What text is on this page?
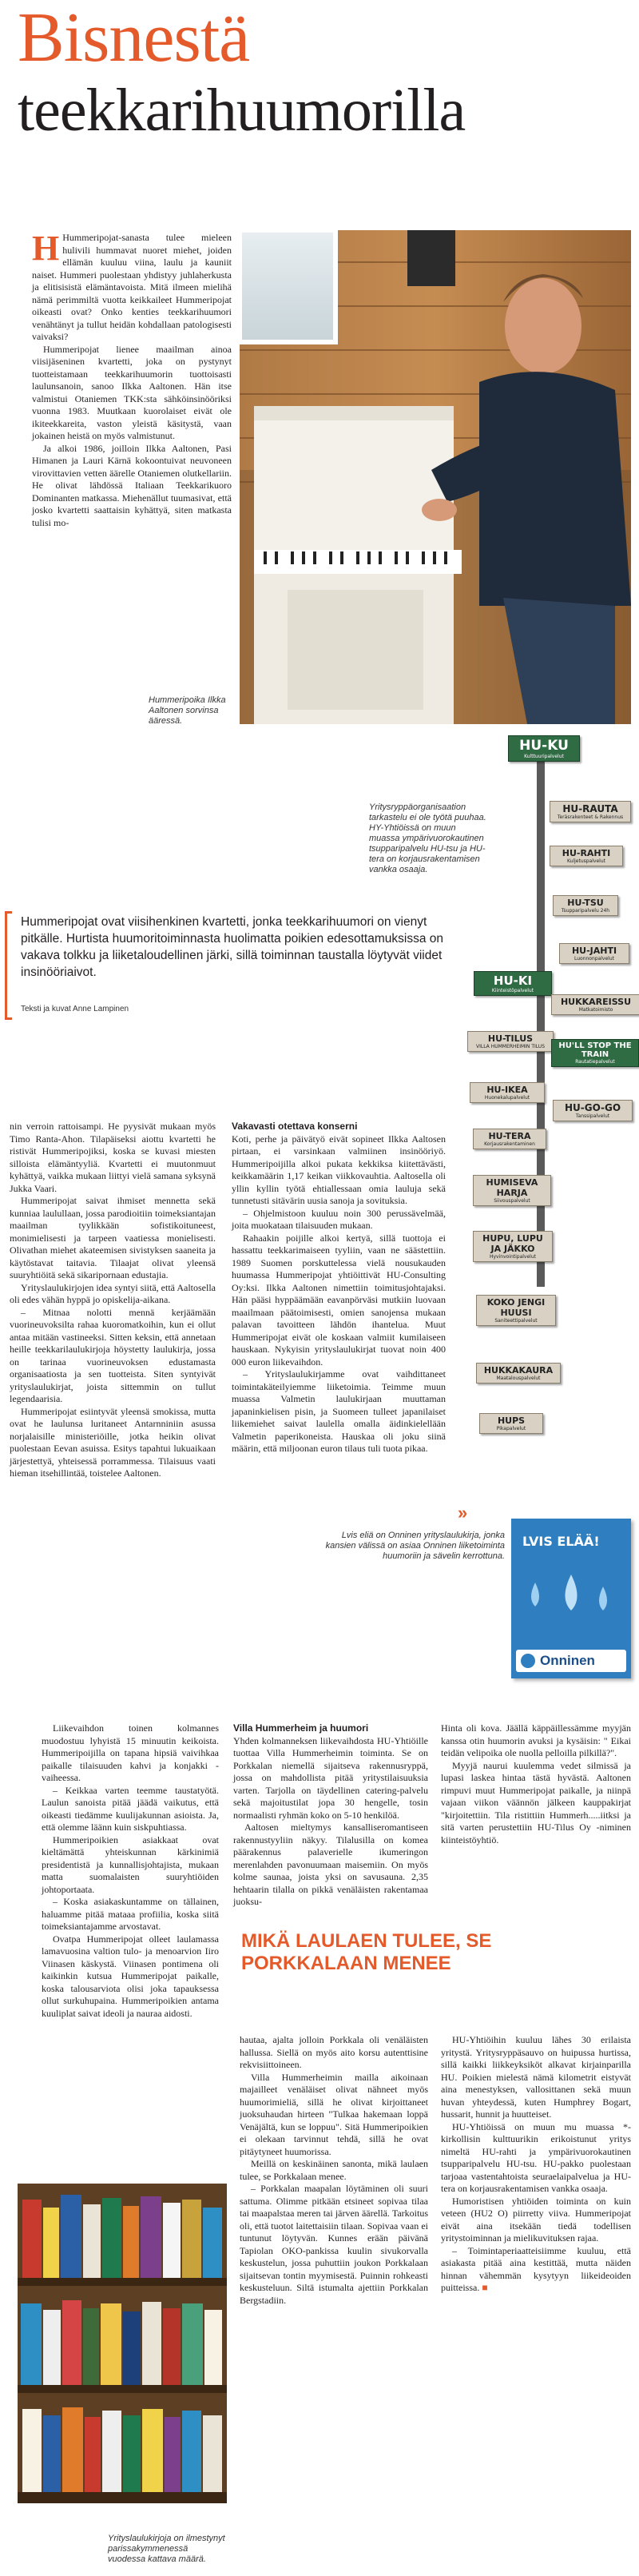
Bisnestä
teekkarihuumorilla

H Hummeripojat-sanasta tulee mieleen hulivili hummavat nuoret miehet, joiden ellämän kuuluu viina, laulu ja kauniit naiset. Hummeri puolestaan yhdistyy juhlaherkusta ja elitisisistä elämäntavoista. Mitä ilmeen mielihä nämä perimmiltä vuotta keikkaileet Hummeripojat oikeasti ovat? Onko kenties teekkarihuumori venähtänyt ja tullut heidän kohdallaan patologisesti vaivaksi?

Hummeripojat lienee maailman ainoa viisijäseninen kvartetti, joka on pystynyt tuotteistamaan teekkarihuumorin tuottoisasti laulunsanoin, sanoo Ilkka Aaltonen. Hän itse valmistui Otaniemen TKK:sta sähköinsinööriksi vuonna 1983. Muutkaan kuorolaiset eivät ole ikiteekkareita, vaston yleistä käsitystä, vaan jokainen heistä on myös valmistunut.

Ja alkoi 1986, joilloin Ilkka Aaltonen, Pasi Himanen ja Lauri Kärnä kokoontuivat neuvoneen virovittavien vetten äärelle Otaniemen olutkellariin. He olivat lähdössä Italiaan Teekkarikuoro Dominanten matkassa. Miehenällut tuumasivat, että josko kvartetti saattaisin kyhättyä, siten matkasta tulisi mo-

Hummeripoika Ilkka Aaltonen sorvinsa ääressä.
Yritysryppäorganisaation tarkastelu ei ole työtä puuhaa. HY-Yhtiöissä on muun muassa ympärivuorokautinen tsupparipalvelu HU-tsu ja HU-tera on korjausrakentamisen vankka osaaja.
HU-KU
Kulttuuripalvelut
HU-RAUTA
Teräsrakenteet & Rakennus
HU-RAHTI
Kuljetuspalvelut
HU-TSU
Tsupparipalvelu 24h
HU-JAHTI
Luonnonpalvelut
HU-KI
Kiinteistöpalvelut
HUKKAREISSU
Matkatoimisto
HU-TILUS
VILLA HUMMERHEIMIN TILUS	HU'LL STOP THE TRAIN
Rautatiepalvelut
HU-IKEA
Huonekalupalvelut
HU-GO-GO
Tanssipalvelut
HU-TERA
Korjausrakentaminen
HUMISEVA HARJA
Siivouspalvelut
HUPU, LUPU JA JÄKKO
Hyvinvointipalvelut
KOKO JENGI HUUSI
Saniteettipalvelut
HUKKAKAURA
Maatalouspalvelut
HUPS
Pikapalvelut
Hummeripojat ovat viisihenkinen kvartetti, jonka teekkarihuumori on vienyt pitkälle. Hurtista huumoritoiminnasta huolimatta poikien edesottamuksissa on vakava tolkku ja liiketaloudellinen järki, sillä toiminnan taustalla löytyvät viidet insinööriaivot.
Teksti ja kuvat Anne Lampinen

nin verroin rattoisampi. He pyysivät mukaan myös Timo Ranta-Ahon. Tilapäiseksi aiottu kvartetti he ristivät Hummeripojiksi, koska se kuvasi miesten silloista elämäntyyliä. Kvartetti ei muutonmuut kyhättyä, vaikka mukaan liittyi vielä samana syksynä Jukka Vaari.

Hummeripojat saivat ihmiset mennetta sekä kunniaa laulullaan, jossa parodioitiin toimeksiantajan maailman tyylikkään sofistikoituneest, monimielisesti ja tarpeen vaatiessa monielisesti. Olivathan miehet akateemisen sivistyksen saaneita ja käytöstavat taitavia. Tilaajat olivat yleensä suuryhtiöitä sekä sikaripornaan edustajia.

Yrityslaulukirjojen idea syntyi siitä, että Aaltosella oli edes vähän hyppä jo opiskelija-aikana.

– Mitnaa nolotti mennä kerjäämään vuorineuvoksilta rahaa kuoromatkoihin, kun ei ollut antaa mitään vastineeksi. Sitten keksin, että annetaan heille teekkarilaulukirjoja höystetty laulukirja, jossa on tarinaa vuorineuvoksen edustamasta organisaatiosta ja sen tuotteista. Siten syntyivät yrityslaulukirjat, joista sittemmin on tullut legendaarisia.

Hummeripojat esiintyvät yleensä smokissa, mutta ovat he laulunsa luritaneet Antarnniniin asussa norjalaisille ministeriöille, jotka heikin olivat puolestaan Eevan asuissa. Esitys tapahtui lukuaikaan järjestettyä, yhteisessä porrammessa. Tilaisuus vaati hieman itsehillintää, toistelee Aaltonen.

Vakavasti otettava konserni

Koti, perhe ja päivätyö eivät sopineet Ilkka Aaltosen pirtaan, ei varsinkaan valmiinen insinööriyö. Hummeripoijilla alkoi pukata kekkiksa kiitettävästi, keikkamäärin 1,17 keikan viikkovauhtia. Aaltosella oli yllin kyllin työtä ehtiallessaan omia lauluja sekä tunnetusti sitävärin uusia sanoja ja sovituksia.

– Ohjelmistoon kuuluu noin 300 perussävelmää, joita muokataan tilaisuuden mukaan.

Rahaakin poijille alkoi kertyä, sillä tuottoja ei hassattu teekkarimaiseen tyyliin, vaan ne säästettiin. 1989 Suomen porskuttelessa vielä nousukauden huumassa Hummeripojat yhtiöittivät HU-Consulting Oy:ksi. Ilkka Aaltonen nimettiin toimitusjohtajaksi. Hän pääsi hyppäämään eavanpörväsi mutkiin luovaan maailmaan päätoimisesti, omien sanojensa mukaan palavan tavoitteen lähdön ihantelua. Muut Hummeripojat eivät ole koskaan valmiit kumilaiseen hauskaan. Nykyisin yrityslaulukirjat tuovat noin 400 000 euron liikevaihdon.

– Yrityslaulukirjamme ovat vaihdittaneet toimintakäteilyiemme liiketoimia. Teimme muun muassa Valmetin laulukirjaan muuttaman japaninkielisen pisin, ja Suomeen tulleet japanilaiset liikemiehet saivat laulella omalla äidinkielellään Valmetin paperikoneista. Hauskaa oli joku siinä määrin, että miljoonan euron tilaus tuli tuota pikaa.

»
Lvis eliä on Onninen yrityslaulukirja, jonka kansien välissä on asiaa Onninen liiketoiminta huumoriin ja sävelin kerrottuna.
LVIS ELÄÄ!
Onninen

Liikevaihdon toinen kolmannes muodostuu lyhyistä 15 minuutin keikoista. Hummeripoijilla on tapana hipsiä vaivihkaa paikalle tilaisuuden kahvi ja konjakki -vaiheessa.

– Keikkaa varten teemme taustatyötä. Laulun sanoista pitää jäädä vaikutus, että oikeasti tiedämme kuulijakunnan asioista. Ja, että olemme läänn kuin siskpuhtiassa.

Hummeripoikien asiakkaat ovat kieltämättä yhteiskunnan kärkinimiä presidentistä ja kunnallisjohtajista, mukaan matta suomalaisten suuryhtiöiden johtoportaata.

– Koska asiakaskuntamme on tällainen, haluamme pitää mataaa profiilia, koska siitä toimeksiantajamme arvostavat.

Ovatpa Hummeripojat olleet laulamassa lamavuosina valtion tulo- ja menoarvion Iiro Viinasen käskystä. Viinasen pontimena oli kaikinkin kutsua Hummeripojat paikalle, koska talousarviota olisi joka tapauksessa ollut surkuhupaina. Hummeripoikien antama kuuliplat saivat ideoli ja nauraa aidosti.

Villa Hummerheim ja huumori

Yhden kolmanneksen liikevaihdosta HU-Yhtiöille tuottaa Villa Hummerheimin toiminta. Se on Porkkalan niemellä sijaitseva rakennusryppä, jossa on mahdollista pitää yritystilaisuuksia varten. Tarjolla on täydellinen catering-palvelu sekä majoitustilat jopa 30 hengelle, tosin normaalisti ryhmän koko on 5-10 henkilöä.

Aaltosen mieltymys kansalliseromantiseen rakennustyyliin näkyy. Tilalusilla on komea päärakennus palaverielle ikumeringon merenlahden pavonuumaan maisemiin. On myös kolme saunaa, joista yksi on savusauna. 2,35 hehtaarin tilalla on pikkä venäläisten rakentamaa juoksu-

Hinta oli kova. Jäällä käppäillessämme myyjän kanssa otin huumorin avuksi ja kysäisin: " Eikai teidän velipoika ole nuolla pelloilla pilkillä?".

Myyjä naurui kuulemma vedet silmissä ja lupasi laskea hintaa tästä hyvästä. Aaltonen rimpuvi muut Hummeripojat paikalle, ja niinpä vajaan viikon väännön jälkeen kauppakirjat "kirjoitettiin. Tila ristittiin Hummerh.....iitksi ja sitä varten perustettiin HU-Tilus Oy -niminen kiinteistöyhtiö.

MIKÄ LAULAEN TULEE, SE PORKKALAAN MENEE
Yrityslaulukirjoja on ilmestynyt parissakymmenessä vuodessa kattava määrä.

hautaa, ajalta jolloin Porkkala oli venäläisten hallussa. Siellä on myös aito korsu autenttisine rekvisiittoineen.

Villa Hummerheimin mailla aikoinaan majailleet venäläiset olivat nähneet myös huumorimieliä, sillä he olivat kirjoittaneet juoksuhaudan hirteen "Tulkaa hakemaan loppä Venäjältä, kun se loppuu". Sitä Hummeripoikien ei olekaan tarvinnut tehdä, sillä he ovat pitäytyneet huumorissa.

Meillä on keskinäinen sanonta, mikä laulaen tulee, se Porkkalaan menee.

– Porkkalan maapalan löytäminen oli suuri sattuma. Olimme pitkään etsineet sopivaa tilaa tai maapalstaa meren tai järven äärellä. Tarkoitus oli, että tuotot laitettaisiin tilaan. Sopivaa vaan ei tuntunut löytyvän. Kunnes erään päivänä Tapiolan OKO-pankissa kuulin sivukorvalla keskustelun, jossa puhuttiin joukon Porkkalaan sijaitsevan tontin myymisestä. Puinnin rohkeasti keskusteluun. Siltä istumalta ajettiin Porkkalan Bergstadiin.

HU-Yhtiöihin kuuluu lähes 30 erilaista yritystä. Yritysryppäsauvo on huipussa hurtissa, sillä kaikki liikkeyksiköt alkavat kirjainparilla HU. Poikien mielestä nämä kilometrit eistyvät aina menestyksen, vallosittanen sekä muun huvan yhteydessä, kuten Humphrey Bogart, hussarit, hunnit ja huutteiset.

HU-Yhtiöissä on muun mu muassa *-kirkollisin kulttuurikin erikoistunut yritys nimeltä HU-rahti ja ympärivuorokautinen tsupparipalvelu HU-tsu. HU-pakko puolestaan tarjoaa vastentahtoista seuraelaipalvelua ja HU-tera on korjausrakentamisen vankka osaaja.

Humoristisen yhtiöiden toiminta on kuin veteen (HU2 O) piirretty viiva. Hummeripojat eivät aina itsekään tiedä todellisen yritystoiminnan ja mielikuvituksen rajaa.

– Toimintaperiaatteisiimme kuuluu, että asiakasta pitää aina kestittää, mutta näiden hinnan vähemmän kysytyyn liikeideoiden puitteissa. ■
